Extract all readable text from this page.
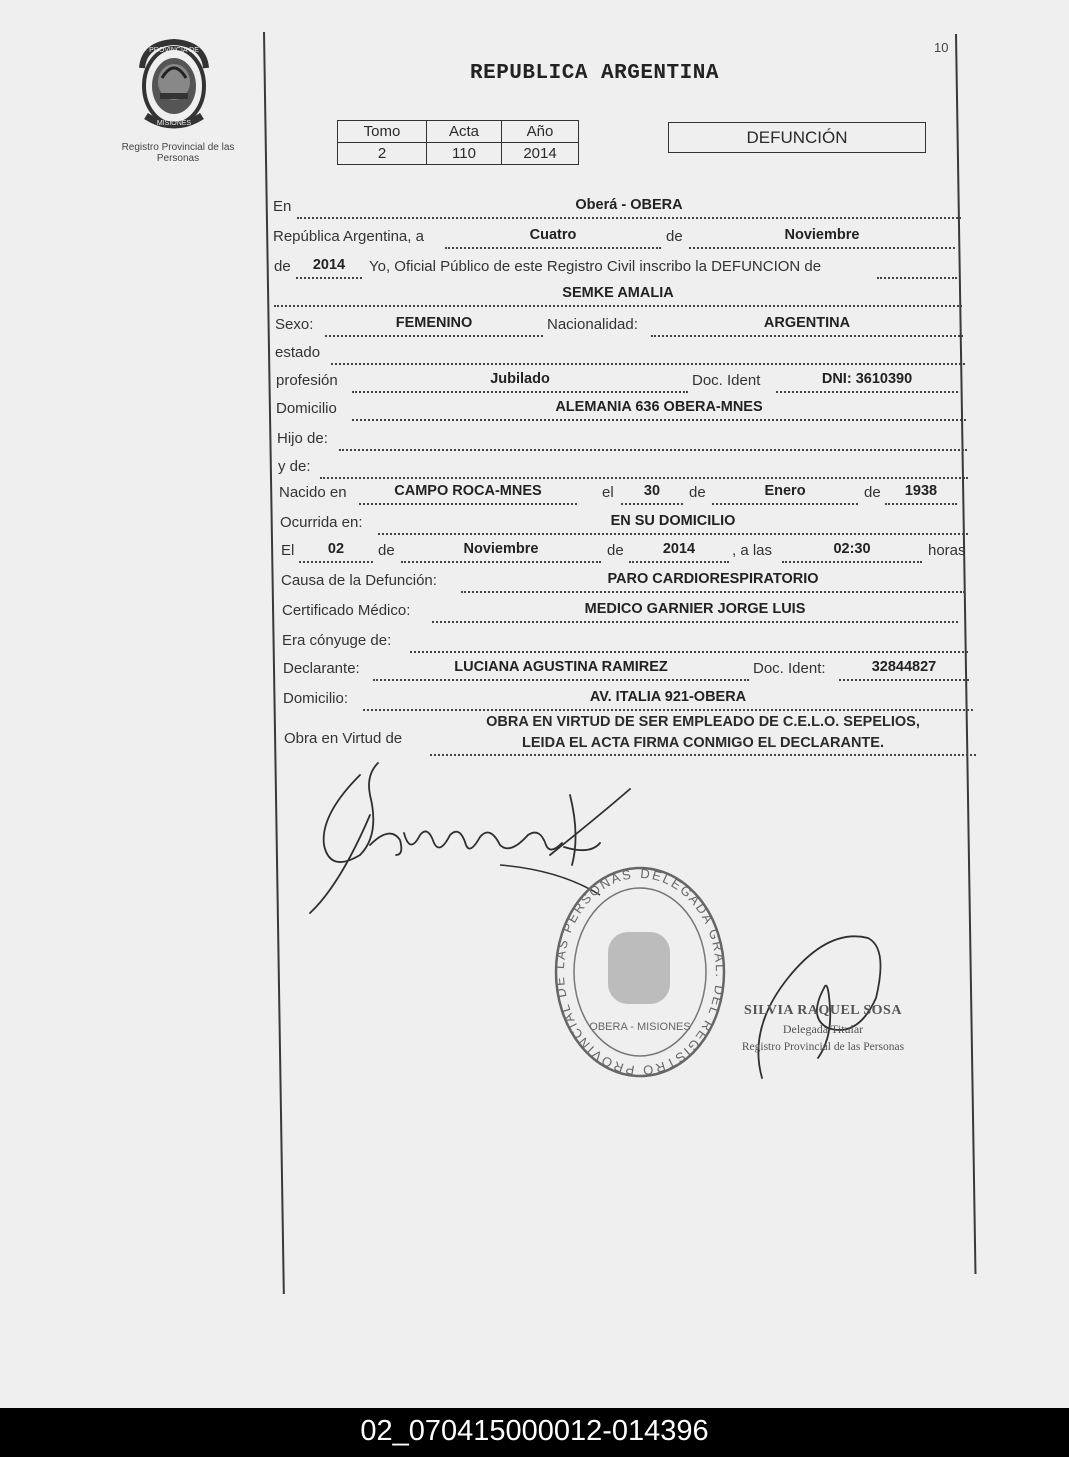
10
PROVINCIA DE
MISIONES
Registro Provincial de las Personas
REPUBLICA ARGENTINA
Tomo	Acta	Año
2	110	2014
DEFUNCIÓN
En	Oberá - OBERA
República Argentina, a	Cuatro	de	Noviembre
de	2014	Yo, Oficial Público de este Registro Civil inscribo la DEFUNCION de
SEMKE AMALIA
Sexo:	FEMENINO	Nacionalidad:	ARGENTINA
estado
profesión	Jubilado	Doc. Ident	DNI: 3610390
Domicilio	ALEMANIA 636 OBERA-MNES
Hijo de:
y de:
Nacido en	CAMPO ROCA-MNES	el	30	de	Enero	de	1938
Ocurrida en:	EN SU DOMICILIO
El	02	de	Noviembre	de	2014	, a las	02:30	horas
Causa de la Defunción:	PARO CARDIORESPIRATORIO
Certificado Médico:	MEDICO GARNIER JORGE LUIS
Era cónyuge de:
Declarante:	LUCIANA AGUSTINA RAMIREZ	Doc. Ident:	32844827
Domicilio:	AV. ITALIA 921-OBERA
Obra en Virtud de
OBRA EN VIRTUD DE SER EMPLEADO DE C.E.L.O. SEPELIOS,
LEIDA EL ACTA FIRMA CONMIGO EL DECLARANTE.
DELEGADA GRAL. DEL REGISTRO PROVINCIAL DE LAS PERSONAS
OBERA - MISIONES
SILVIA RAQUEL SOSA
Delegada Titular
Registro Provincial de las Personas
02_070415000012-014396
